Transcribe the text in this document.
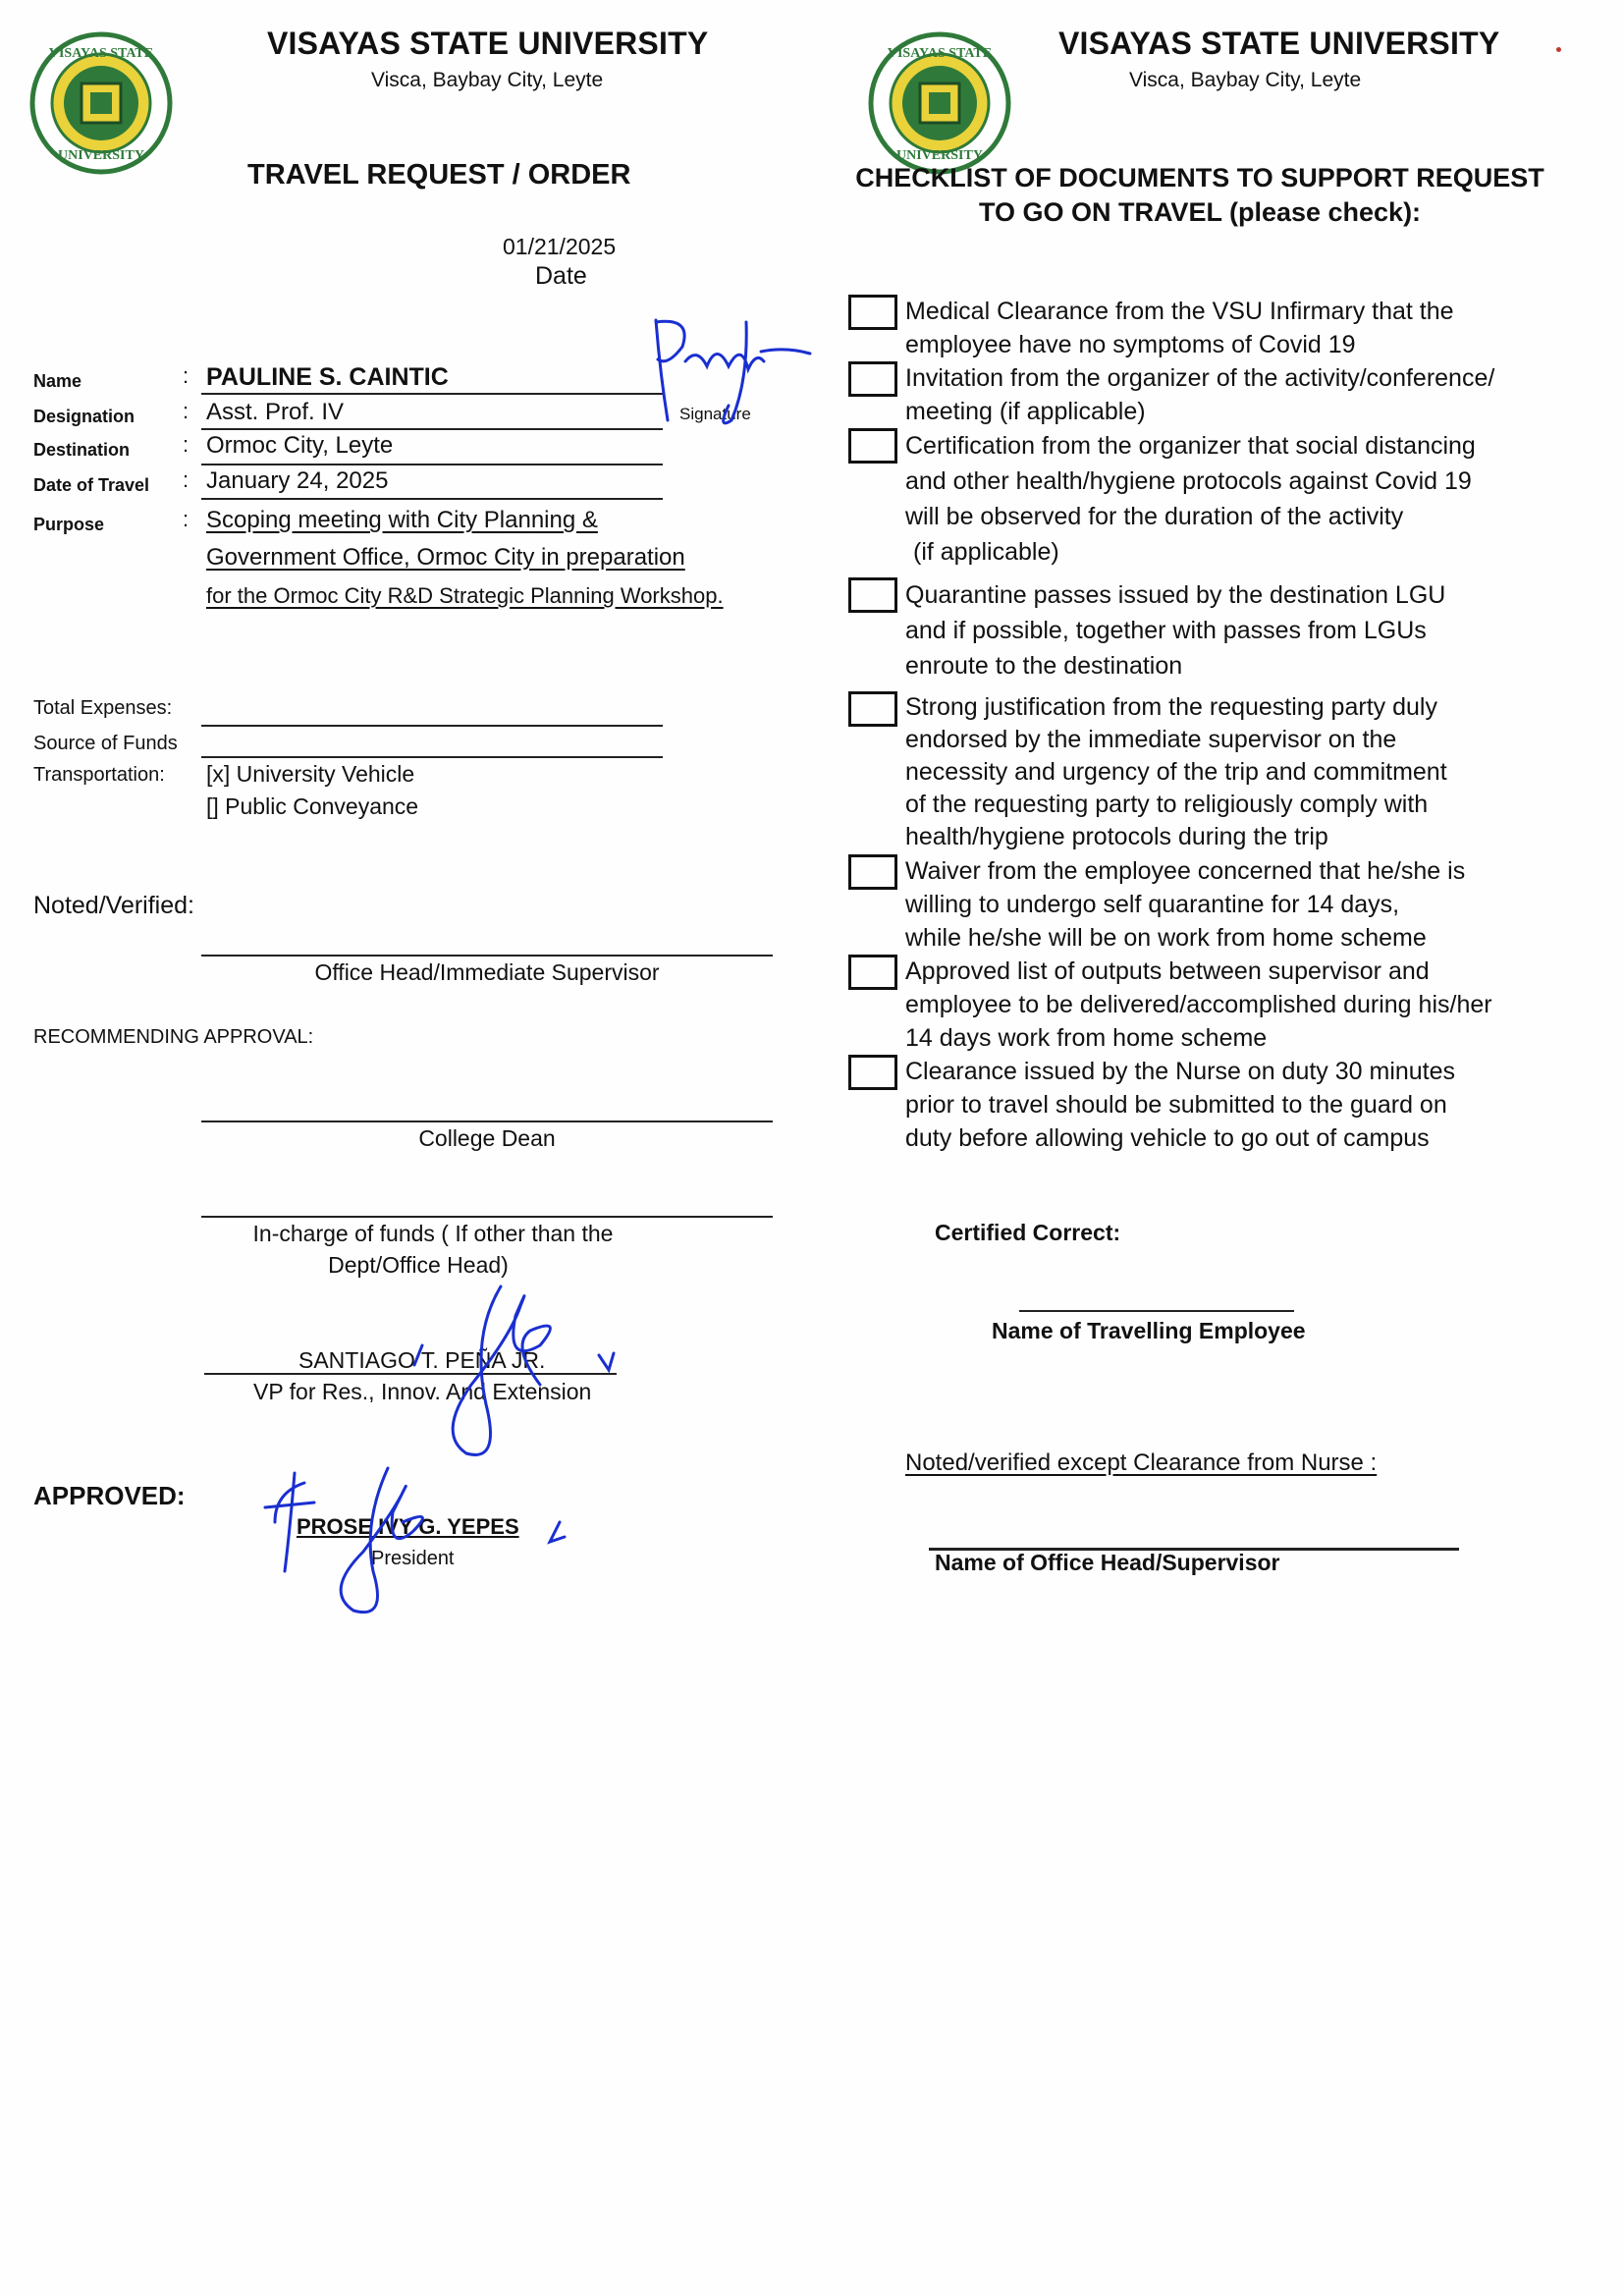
VISAYAS STATE
UNIVERSITY
VISAYAS STATE UNIVERSITY
Visca, Baybay City, Leyte
TRAVEL REQUEST / ORDER
01/21/2025
Date
Name	: PAULINE S. CAINTIC
Signature
Designation : Asst. Prof. IV
Destination : Ormoc City, Leyte
Date of Travel : January 24, 2025
Purpose	: Scoping meeting with City Planning &
Government Office, Ormoc City in preparation
for the Ormoc City R&D Strategic Planning Workshop.
Total Expenses:
Source of Funds
Transportation: [x] University Vehicle
[] Public Conveyance
Noted/Verified:
Office Head/Immediate Supervisor
RECOMMENDING APPROVAL:
College Dean
In-charge of funds ( If other than the
Dept/Office Head)
SANTIAGO T. PEÑA JR.
VP for Res., Innov. And Extension
APPROVED:
PROSE IVY G. YEPES
President
VISAYAS STATE
UNIVERSITY
VISAYAS STATE UNIVERSITY
Visca, Baybay City, Leyte
CHECKLIST OF DOCUMENTS TO SUPPORT REQUEST
TO GO ON TRAVEL (please check):
Medical Clearance from the VSU Infirmary that the
employee have no symptoms of Covid 19
Invitation from the organizer of the activity/conference/
meeting (if applicable)
Certification from the organizer that social distancing
and other health/hygiene protocols against Covid 19
will be observed for the duration of the activity
(if applicable)
Quarantine passes issued by the destination LGU
and if possible, together with passes from LGUs
enroute to the destination
Strong justification from the requesting party duly
endorsed by the immediate supervisor on the
necessity and urgency of the trip and commitment
of the requesting party to religiously comply with
health/hygiene protocols during the trip
Waiver from the employee concerned that he/she is
willing to undergo self quarantine for 14 days,
while he/she will be on work from home scheme
Approved list of outputs between supervisor and
employee to be delivered/accomplished during his/her
14 days work from home scheme
Clearance issued by the Nurse on duty 30 minutes
prior to travel should be submitted to the guard on
duty before allowing vehicle to go out of campus
Certified Correct:
Name of Travelling Employee
Noted/verified except Clearance from Nurse :
Name of Office Head/Supervisor
